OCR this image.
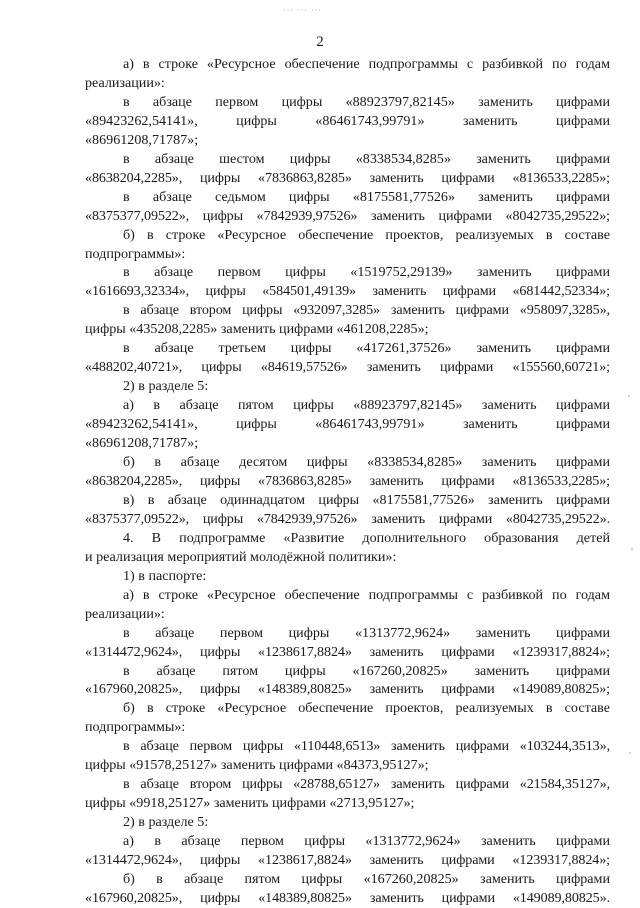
··· ··· ···
2

а) в строке «Ресурсное обеспечение подпрограммы с разбивкой по годам

реализации»:

в абзаце первом цифры «88923797,82145» заменить цифрами

«89423262,54141», цифры «86461743,99791» заменить цифрами

«86961208,71787»;

в абзаце шестом цифры «8338534,8285» заменить цифрами

«8638204,2285», цифры «7836863,8285» заменить цифрами «8136533,2285»;

в абзаце седьмом цифры «8175581,77526» заменить цифрами

«8375377,09522», цифры «7842939,97526» заменить цифрами «8042735,29522»;

б) в строке «Ресурсное обеспечение проектов, реализуемых в составе

подпрограммы»:

в абзаце первом цифры «1519752,29139» заменить цифрами

«1616693,32334», цифры «584501,49139» заменить цифрами «681442,52334»;

в абзаце втором цифры «932097,3285» заменить цифрами «958097,3285»,

цифры «435208,2285» заменить цифрами «461208,2285»;

в абзаце третьем цифры «417261,37526» заменить цифрами

«488202,40721», цифры «84619,57526» заменить цифрами «155560,60721»;

2) в разделе 5:

а) в абзаце пятом цифры «88923797,82145» заменить цифрами

«89423262,54141», цифры «86461743,99791» заменить цифрами

«86961208,71787»;

б) в абзаце десятом цифры «8338534,8285» заменить цифрами

«8638204,2285», цифры «7836863,8285» заменить цифрами «8136533,2285»;

в) в абзаце одиннадцатом цифры «8175581,77526» заменить цифрами

«8375377,09522», цифры «7842939,97526» заменить цифрами «8042735,29522».

4. В подпрограмме «Развитие дополнительного образования детей

и реализация мероприятий молодёжной политики»:

1) в паспорте:

а) в строке «Ресурсное обеспечение подпрограммы с разбивкой по годам

реализации»:

в абзаце первом цифры «1313772,9624» заменить цифрами

«1314472,9624», цифры «1238617,8824» заменить цифрами «1239317,8824»;

в абзаце пятом цифры «167260,20825» заменить цифрами

«167960,20825», цифры «148389,80825» заменить цифрами «149089,80825»;

б) в строке «Ресурсное обеспечение проектов, реализуемых в составе

подпрограммы»:

в абзаце первом цифры «110448,6513» заменить цифрами «103244,3513»,

цифры «91578,25127» заменить цифрами «84373,95127»;

в абзаце втором цифры «28788,65127» заменить цифрами «21584,35127»,

цифры «9918,25127» заменить цифрами «2713,95127»;

2) в разделе 5:

а) в абзаце первом цифры «1313772,9624» заменить цифрами

«1314472,9624», цифры «1238617,8824» заменить цифрами «1239317,8824»;

б) в абзаце пятом цифры «167260,20825» заменить цифрами

«167960,20825», цифры «148389,80825» заменить цифрами «149089,80825».
